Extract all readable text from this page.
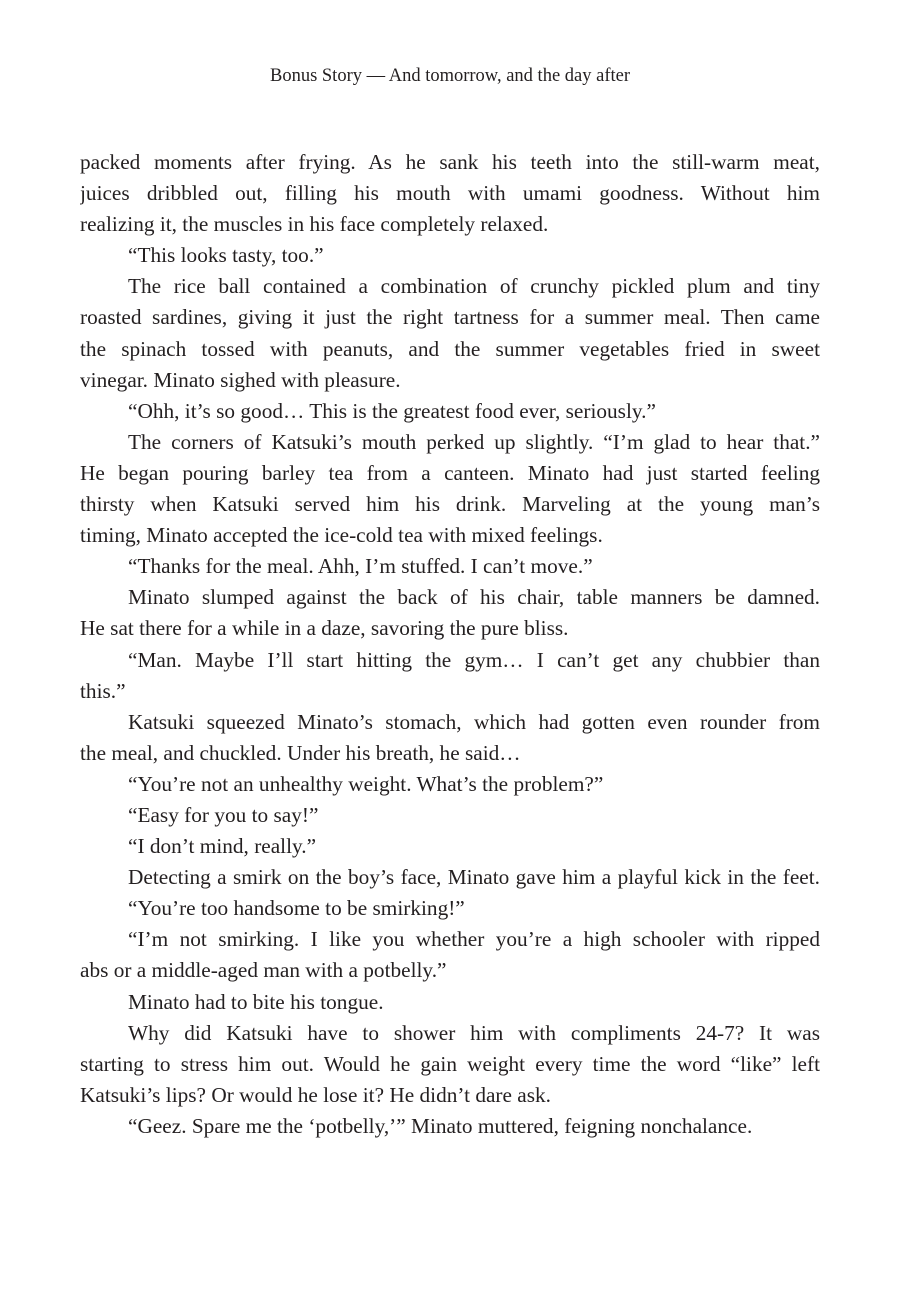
Bonus Story — And tomorrow, and the day after
packed moments after frying. As he sank his teeth into the still-warm meat,
juices dribbled out, filling his mouth with umami goodness. Without him
realizing it, the muscles in his face completely relaxed.
“This looks tasty, too.”
The rice ball contained a combination of crunchy pickled plum and tiny
roasted sardines, giving it just the right tartness for a summer meal. Then came
the spinach tossed with peanuts, and the summer vegetables fried in sweet
vinegar. Minato sighed with pleasure.
“Ohh, it’s so good… This is the greatest food ever, seriously.”
The corners of Katsuki’s mouth perked up slightly. “I’m glad to hear that.”
He began pouring barley tea from a canteen. Minato had just started feeling
thirsty when Katsuki served him his drink. Marveling at the young man’s
timing, Minato accepted the ice-cold tea with mixed feelings.
“Thanks for the meal. Ahh, I’m stuffed. I can’t move.”
Minato slumped against the back of his chair, table manners be damned.
He sat there for a while in a daze, savoring the pure bliss.
“Man. Maybe I’ll start hitting the gym… I can’t get any chubbier than
this.”
Katsuki squeezed Minato’s stomach, which had gotten even rounder from
the meal, and chuckled. Under his breath, he said…
“You’re not an unhealthy weight. What’s the problem?”
“Easy for you to say!”
“I don’t mind, really.”
Detecting a smirk on the boy’s face, Minato gave him a playful kick in the feet.
“You’re too handsome to be smirking!”
“I’m not smirking. I like you whether you’re a high schooler with ripped
abs or a middle-aged man with a potbelly.”
Minato had to bite his tongue.
Why did Katsuki have to shower him with compliments 24-7? It was
starting to stress him out. Would he gain weight every time the word “like” left
Katsuki’s lips? Or would he lose it? He didn’t dare ask.
“Geez. Spare me the ‘potbelly,’” Minato muttered, feigning nonchalance.
